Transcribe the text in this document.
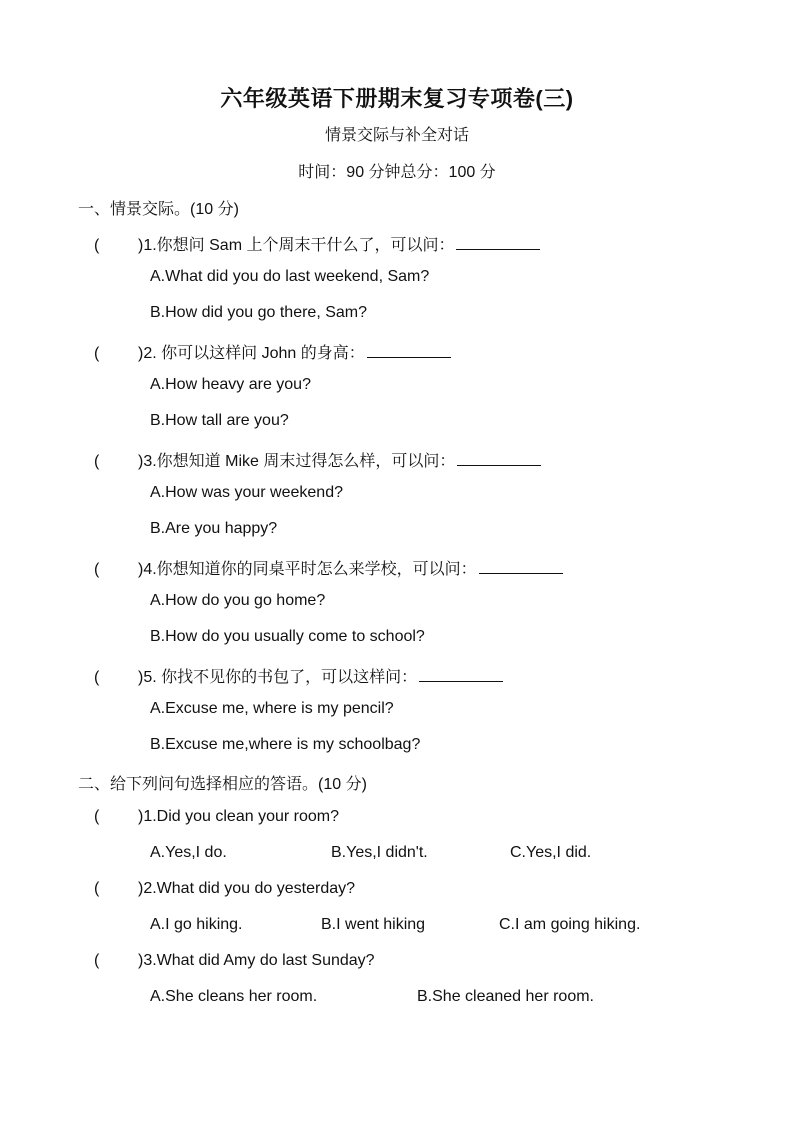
六年级英语下册期末复习专项卷(三)
情景交际与补全对话
时间：90 分钟总分：100 分
一、情景交际。(10 分)
( )1.你想问 Sam 上个周末干什么了，可以问：
A.What did you do last weekend, Sam?
B.How did you go there, Sam?
( )2. 你可以这样问 John 的身高：
A.How heavy are you?
B.How tall are you?
( )3.你想知道 Mike 周末过得怎么样，可以问：
A.How was your weekend?
B.Are you happy?
( )4.你想知道你的同桌平时怎么来学校，可以问：
A.How do you go home?
B.How do you usually come to school?
( )5. 你找不见你的书包了，可以这样问：
A.Excuse me, where is my pencil?
B.Excuse me,where is my schoolbag?
二、给下列问句选择相应的答语。(10 分)
( )1.Did you clean your room?
A.Yes,I do.	B.Yes,I didn't.	C.Yes,I did.
( )2.What did you do yesterday?
A.I go hiking.	B.I went hiking	C.I am going hiking.
( )3.What did Amy do last Sunday?
A.She cleans her room.	B.She cleaned her room.
